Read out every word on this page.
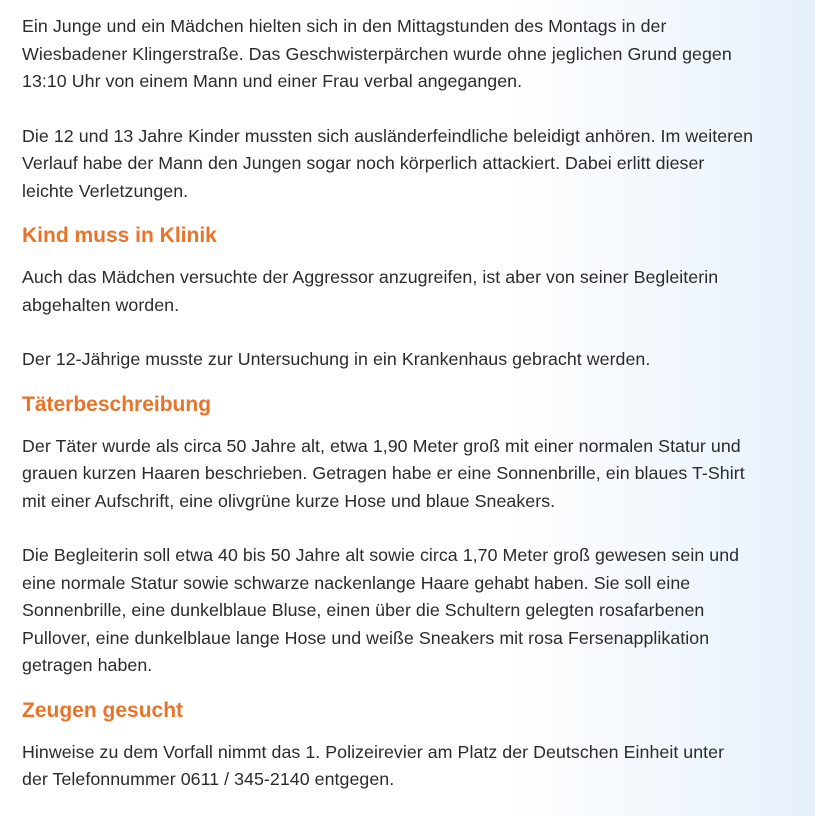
Ein Junge und ein Mädchen hielten sich in den Mittagstunden des Montags in der
Wiesbadener Klingerstraße. Das Geschwisterpärchen wurde ohne jeglichen Grund gegen
13:10 Uhr von einem Mann und einer Frau verbal angegangen.

Die 12 und 13 Jahre Kinder mussten sich ausländerfeindliche beleidigt anhören. Im weiteren
Verlauf habe der Mann den Jungen sogar noch körperlich attackiert. Dabei erlitt dieser
leichte Verletzungen.

Kind muss in Klinik

Auch das Mädchen versuchte der Aggressor anzugreifen, ist aber von seiner Begleiterin
abgehalten worden.

Der 12-Jährige musste zur Untersuchung in ein Krankenhaus gebracht werden.

Täterbeschreibung

Der Täter wurde als circa 50 Jahre alt, etwa 1,90 Meter groß mit einer normalen Statur und
grauen kurzen Haaren beschrieben. Getragen habe er eine Sonnenbrille, ein blaues T-Shirt
mit einer Aufschrift, eine olivgrüne kurze Hose und blaue Sneakers.

Die Begleiterin soll etwa 40 bis 50 Jahre alt sowie circa 1,70 Meter groß gewesen sein und
eine normale Statur sowie schwarze nackenlange Haare gehabt haben. Sie soll eine
Sonnenbrille, eine dunkelblaue Bluse, einen über die Schultern gelegten rosafarbenen
Pullover, eine dunkelblaue lange Hose und weiße Sneakers mit rosa Fersenapplikation
getragen haben.

Zeugen gesucht

Hinweise zu dem Vorfall nimmt das 1. Polizeirevier am Platz der Deutschen Einheit unter
der Telefonnummer 0611 / 345-2140 entgegen.
